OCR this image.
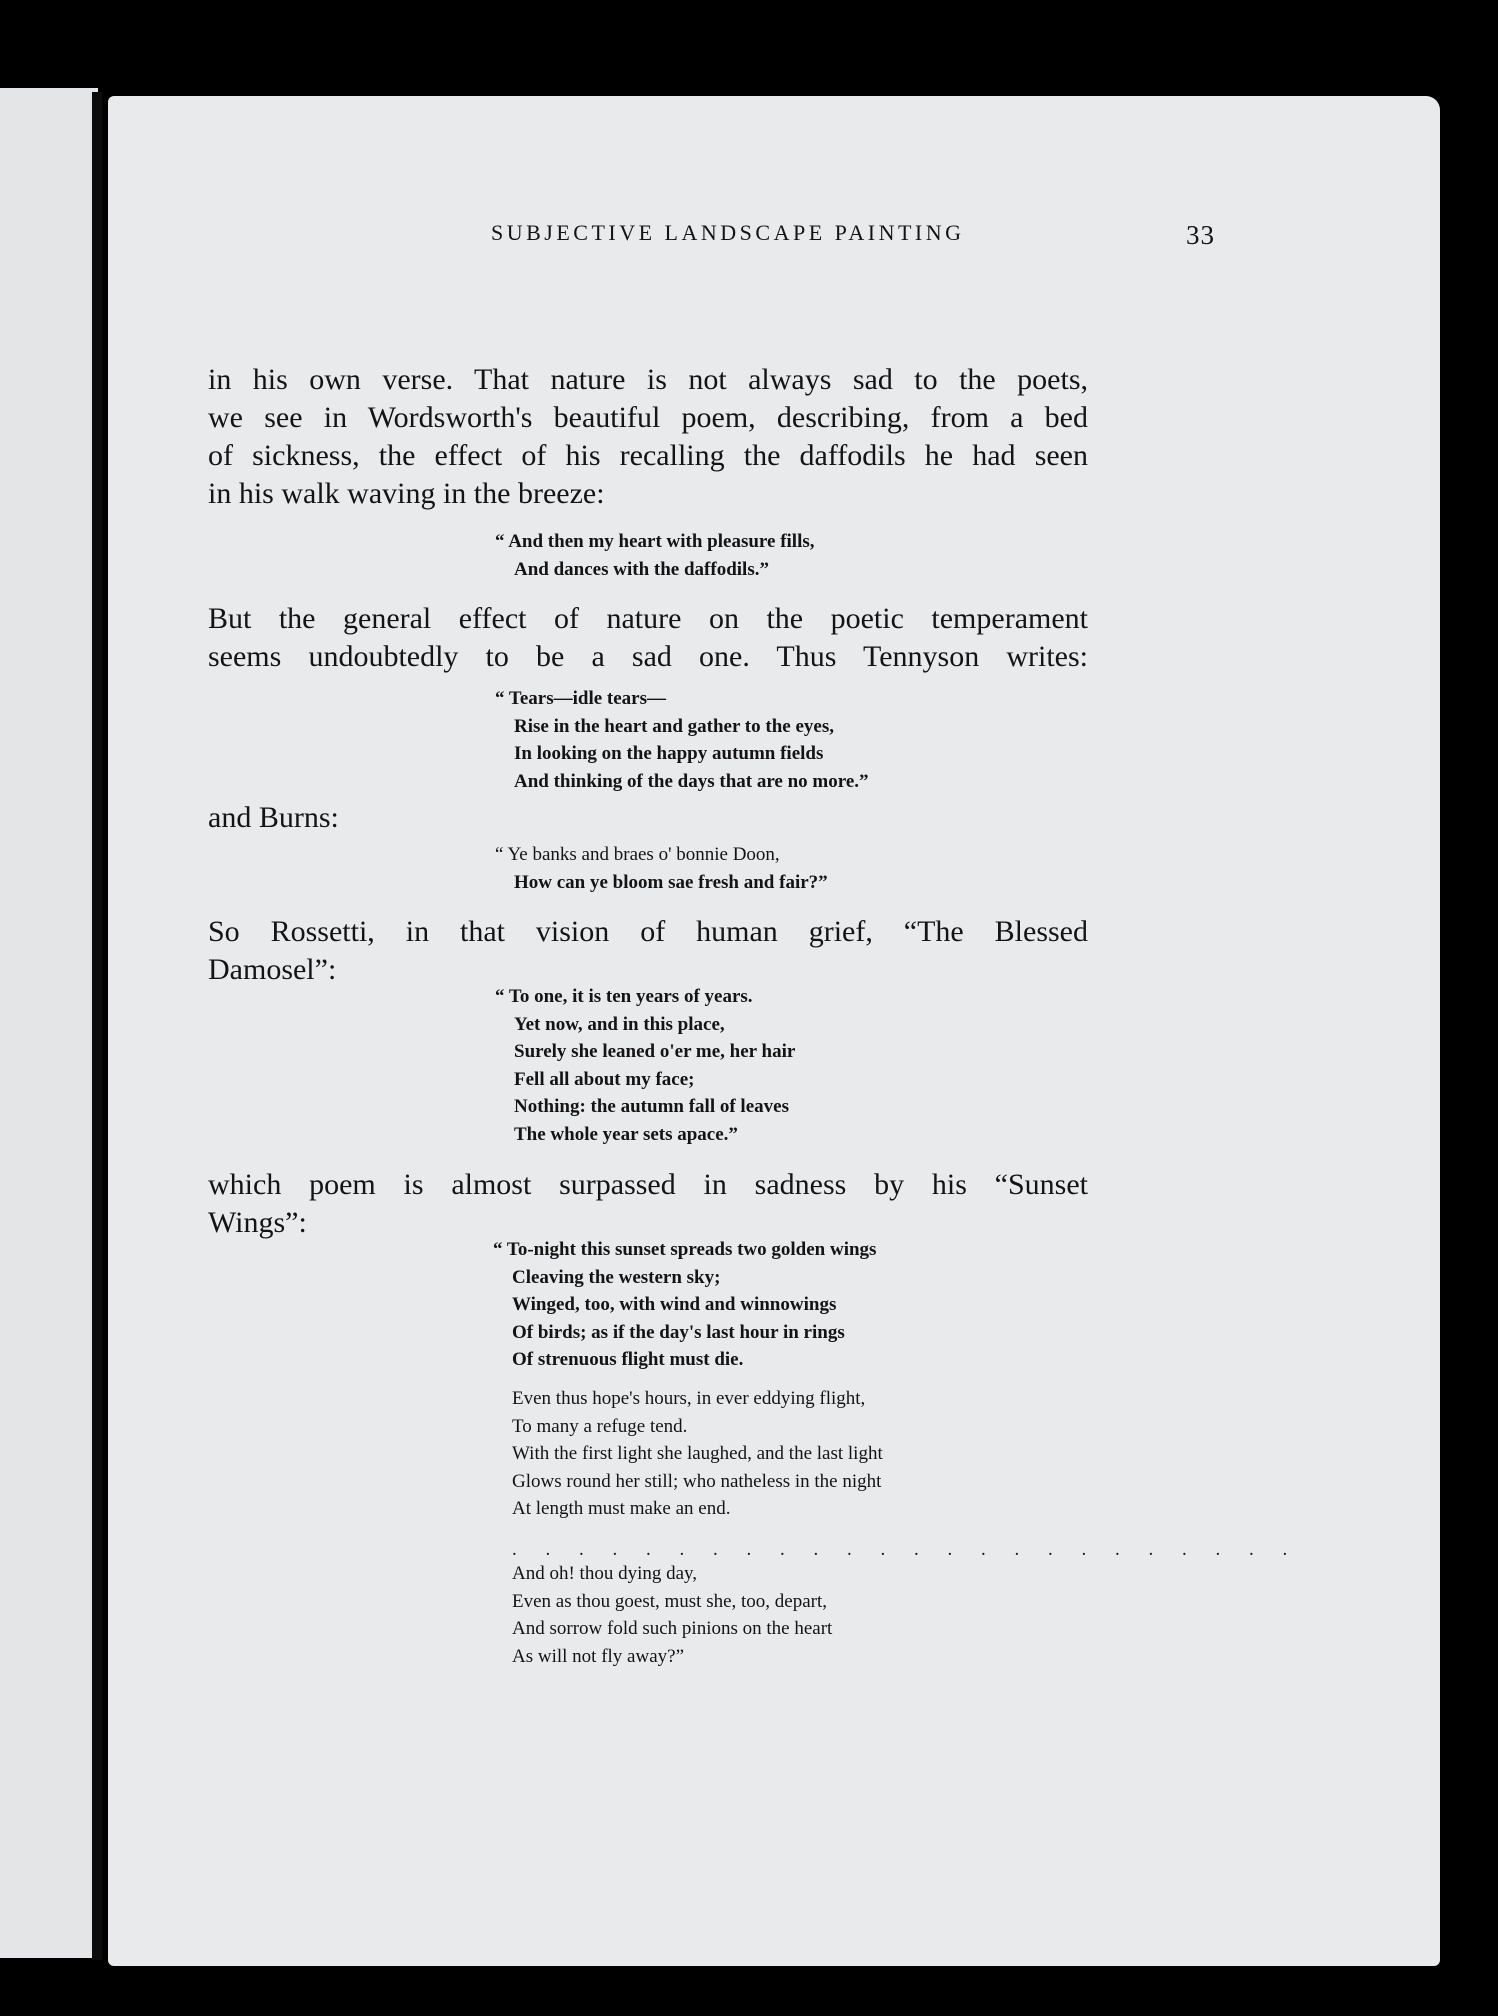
SUBJECTIVE LANDSCAPE PAINTING	33
in his own verse. That nature is not always sad to the poets,
we see in Wordsworth's beautiful poem, describing, from a bed
of sickness, the effect of his recalling the daffodils he had seen
in his walk waving in the breeze:
“ And then my heart with pleasure fills,
And dances with the daffodils.”
But the general effect of nature on the poetic temperament
seems undoubtedly to be a sad one. Thus Tennyson writes:
“ Tears—idle tears—
Rise in the heart and gather to the eyes,
In looking on the happy autumn fields
And thinking of the days that are no more.”
and Burns:
“ Ye banks and braes o' bonnie Doon,
How can ye bloom sae fresh and fair?”
So Rossetti, in that vision of human grief, “The Blessed
Damosel”:
“ To one, it is ten years of years.
Yet now, and in this place,
Surely she leaned o'er me, her hair
Fell all about my face;
Nothing: the autumn fall of leaves
The whole year sets apace.”
which poem is almost surpassed in sadness by his “Sunset
Wings”:
“ To-night this sunset spreads two golden wings
Cleaving the western sky;
Winged, too, with wind and winnowings
Of birds; as if the day's last hour in rings
Of strenuous flight must die.
Even thus hope's hours, in ever eddying flight,
To many a refuge tend.
With the first light she laughed, and the last light
Glows round her still; who natheless in the night
At length must make an end.
. . . . . . . . . . . . . . . . . . . . . . . .
And oh! thou dying day,
Even as thou goest, must she, too, depart,
And sorrow fold such pinions on the heart
As will not fly away?”
